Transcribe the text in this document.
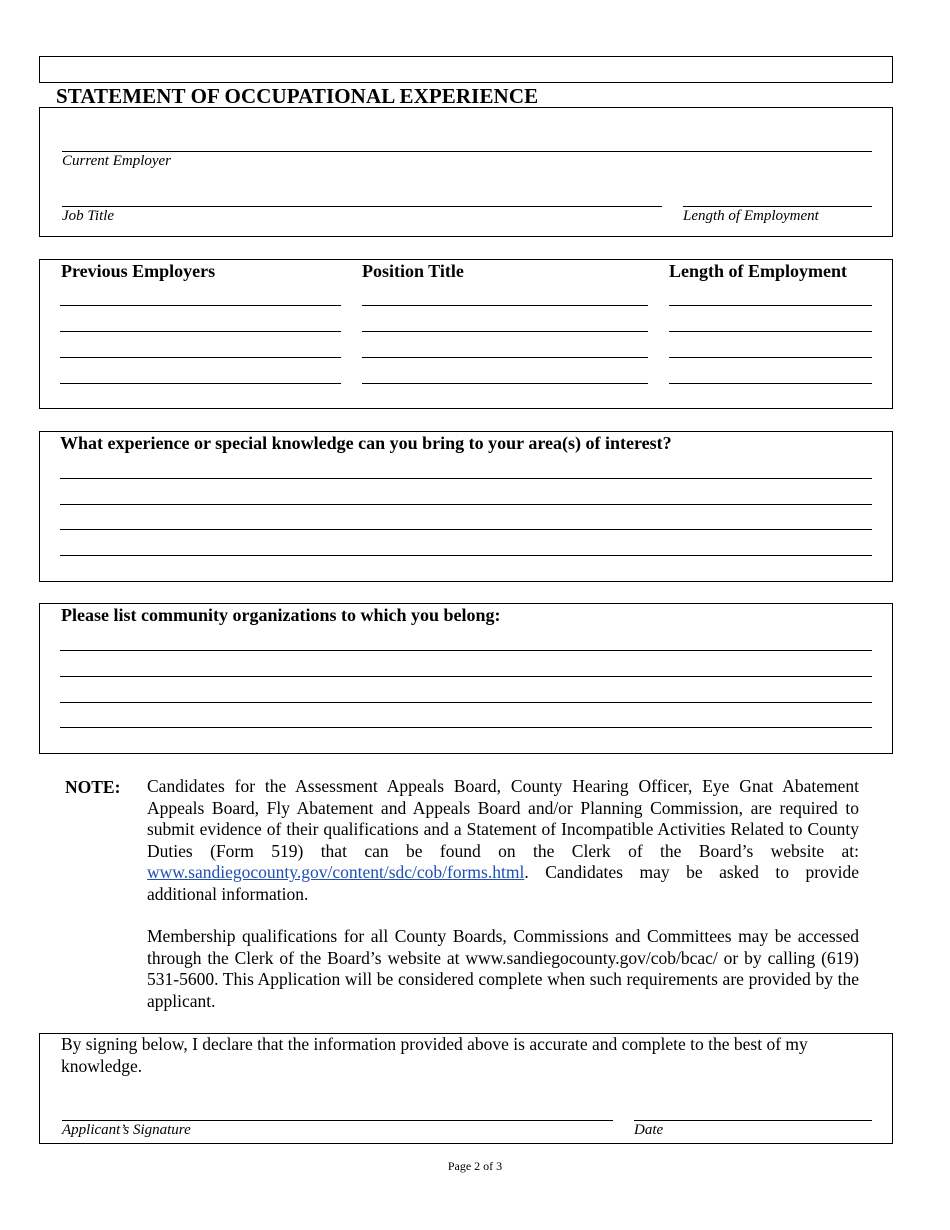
STATEMENT OF OCCUPATIONAL EXPERIENCE
Current Employer
Job Title	Length of Employment
Previous Employers	Position Title	Length of Employment
What experience or special knowledge can you bring to your area(s) of interest?
Please list community organizations to which you belong:
NOTE: Candidates for the Assessment Appeals Board, County Hearing Officer, Eye Gnat Abatement Appeals Board, Fly Abatement and Appeals Board and/or Planning Commission, are required to submit evidence of their qualifications and a Statement of Incompatible Activities Related to County Duties (Form 519) that can be found on the Clerk of the Board’s website at: www.sandiegocounty.gov/content/sdc/cob/forms.html. Candidates may be asked to provide additional information.
Membership qualifications for all County Boards, Commissions and Committees may be accessed through the Clerk of the Board’s website at www.sandiegocounty.gov/cob/bcac/ or by calling (619) 531-5600. This Application will be considered complete when such requirements are provided by the applicant.
By signing below, I declare that the information provided above is accurate and complete to the best of my knowledge.
Applicant’s Signature	Date
Page 2 of 3
